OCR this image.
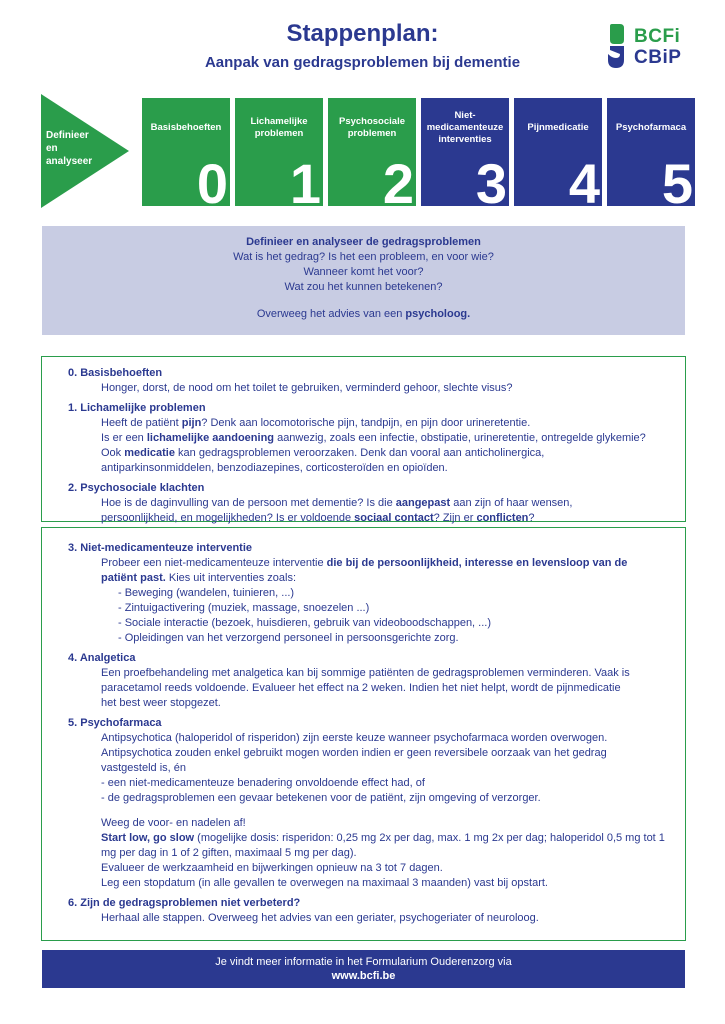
Stappenplan:
Aanpak van gedragsproblemen bij dementie
BCFi
CBiP
Definieer
en
analyseer
Basisbehoeften
0
Lichamelijke problemen
1
Psychosociale problemen
2
Niet-medicamenteuze interventies
3
Pijnmedicatie
4
Psychofarmaca
5
Definieer en analyseer de gedragsproblemen
Wat is het gedrag? Is het een probleem, en voor wie?
Wanneer komt het voor?
Wat zou het kunnen betekenen?
Overweeg het advies van een psycholoog.
0. Basisbehoeften
Honger, dorst, de nood om het toilet te gebruiken, verminderd gehoor, slechte visus?
1. Lichamelijke problemen
Heeft de patiënt pijn? Denk aan locomotorische pijn, tandpijn, en pijn door urineretentie.
Is er een lichamelijke aandoening aanwezig, zoals een infectie, obstipatie, urineretentie, ontregelde glykemie?
Ook medicatie kan gedragsproblemen veroorzaken. Denk dan vooral aan anticholinergica,
antiparkinsonmiddelen, benzodiazepines, corticosteroïden en opioïden.
2. Psychosociale klachten
Hoe is de daginvulling van de persoon met dementie? Is die aangepast aan zijn of haar wensen,
persoonlijkheid, en mogelijkheden? Is er voldoende sociaal contact? Zijn er conflicten?
3. Niet-medicamenteuze interventie
Probeer een niet-medicamenteuze interventie die bij de persoonlijkheid, interesse en levensloop van de
patiënt past. Kies uit interventies zoals:
- Beweging (wandelen, tuinieren, ...)
- Zintuigactivering (muziek, massage, snoezelen ...)
- Sociale interactie (bezoek, huisdieren, gebruik van videoboodschappen, ...)
- Opleidingen van het verzorgend personeel in persoonsgerichte zorg.
4. Analgetica
Een proefbehandeling met analgetica kan bij sommige patiënten de gedragsproblemen verminderen. Vaak is
paracetamol reeds voldoende. Evalueer het effect na 2 weken. Indien het niet helpt, wordt de pijnmedicatie
het best weer stopgezet.
5. Psychofarmaca
Antipsychotica (haloperidol of risperidon) zijn eerste keuze wanneer psychofarmaca worden overwogen.
Antipsychotica zouden enkel gebruikt mogen worden indien er geen reversibele oorzaak van het gedrag
vastgesteld is, én
- een niet-medicamenteuze benadering onvoldoende effect had, of
- de gedragsproblemen een gevaar betekenen voor de patiënt, zijn omgeving of verzorger.
Weeg de voor- en nadelen af!
Start low, go slow (mogelijke dosis: risperidon: 0,25 mg 2x per dag, max. 1 mg 2x per dag; haloperidol 0,5 mg tot 1
mg per dag in 1 of 2 giften, maximaal 5 mg per dag).
Evalueer de werkzaamheid en bijwerkingen opnieuw na 3 tot 7 dagen.
Leg een stopdatum (in alle gevallen te overwegen na maximaal 3 maanden) vast bij opstart.
6. Zijn de gedragsproblemen niet verbeterd?
Herhaal alle stappen. Overweeg het advies van een geriater, psychogeriater of neuroloog.
Je vindt meer informatie in het Formularium Ouderenzorg via
www.bcfi.be
